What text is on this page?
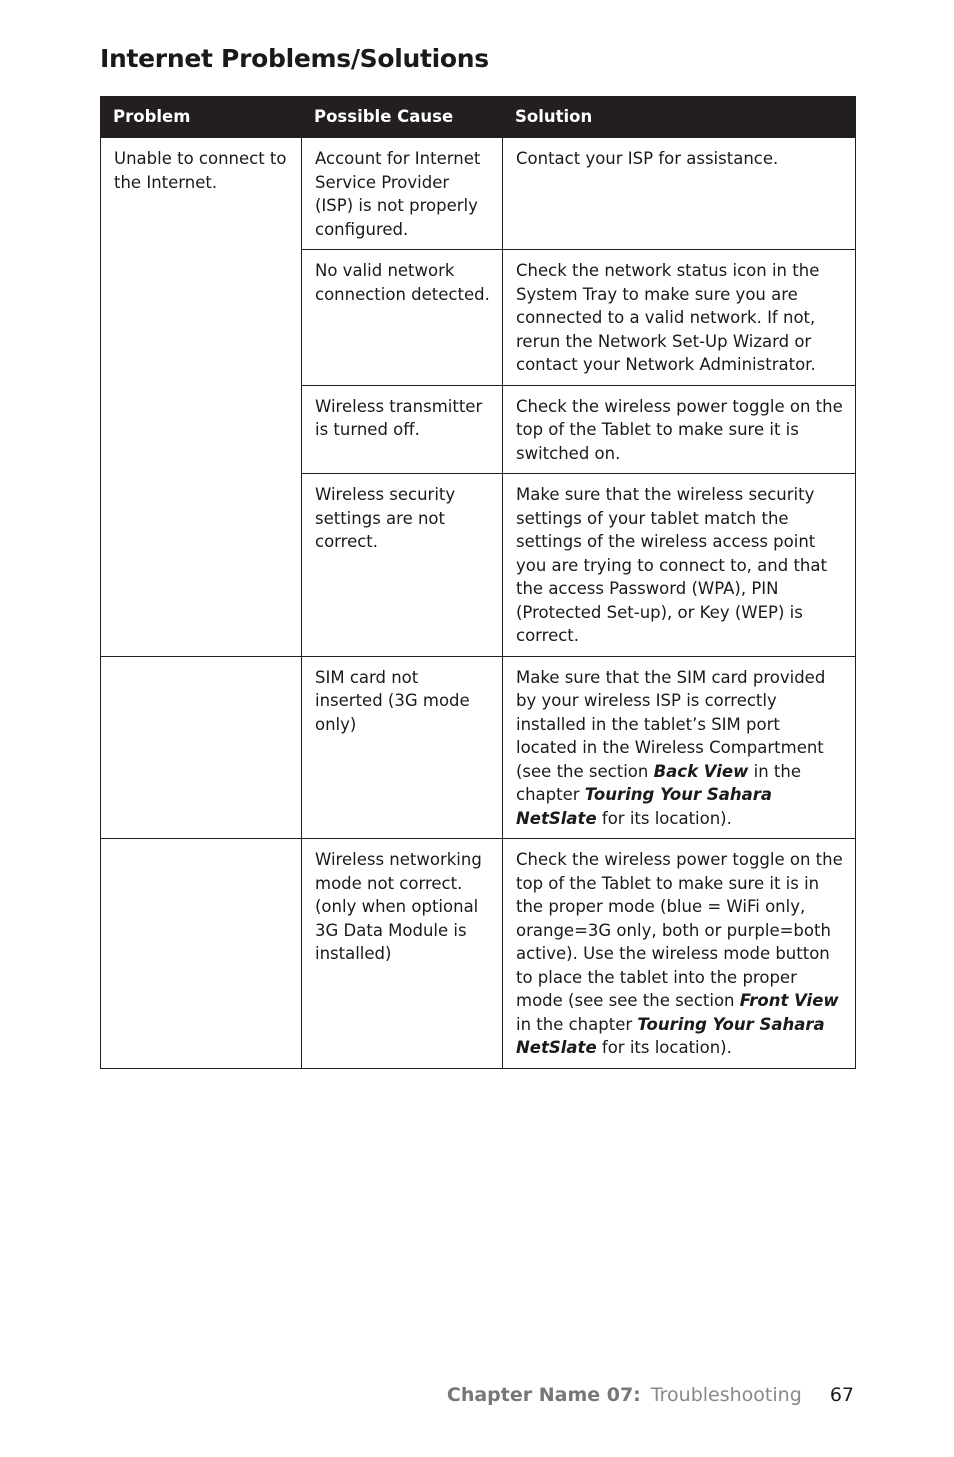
Internet Problems/Solutions
Problem	Possible Cause	Solution
Unable to connect to the Internet.	Account for Internet Service Provider (ISP) is not properly configured.	Contact your ISP for assistance.
	No valid network connection detected.	Check the network status icon in the System Tray to make sure you are connected to a valid network. If not, rerun the Network Set-Up Wizard or contact your Network Administrator.
	Wireless transmitter is turned off.	Check the wireless power toggle on the top of the Tablet to make sure it is switched on.
	Wireless security settings are not correct.	Make sure that the wireless security settings of your tablet match the settings of the wireless access point you are trying to connect to, and that the access Password (WPA), PIN (Protected Set-up), or Key (WEP) is correct.
	SIM card not inserted (3G mode only)	Make sure that the SIM card provided by your wireless ISP is correctly installed in the tablet’s SIM port located in the Wireless Compartment (see the section Back View in the chapter Touring Your Sahara NetSlate for its location).
	Wireless networking mode not correct. (only when optional 3G Data Module is installed)	Check the wireless power toggle on the top of the Tablet to make sure it is in the proper mode (blue = WiFi only, orange=3G only, both or purple=both active). Use the wireless mode button to place the tablet into the proper mode (see see the section Front View in the chapter Touring Your Sahara NetSlate for its location).
Chapter Name 07: Troubleshooting 67
